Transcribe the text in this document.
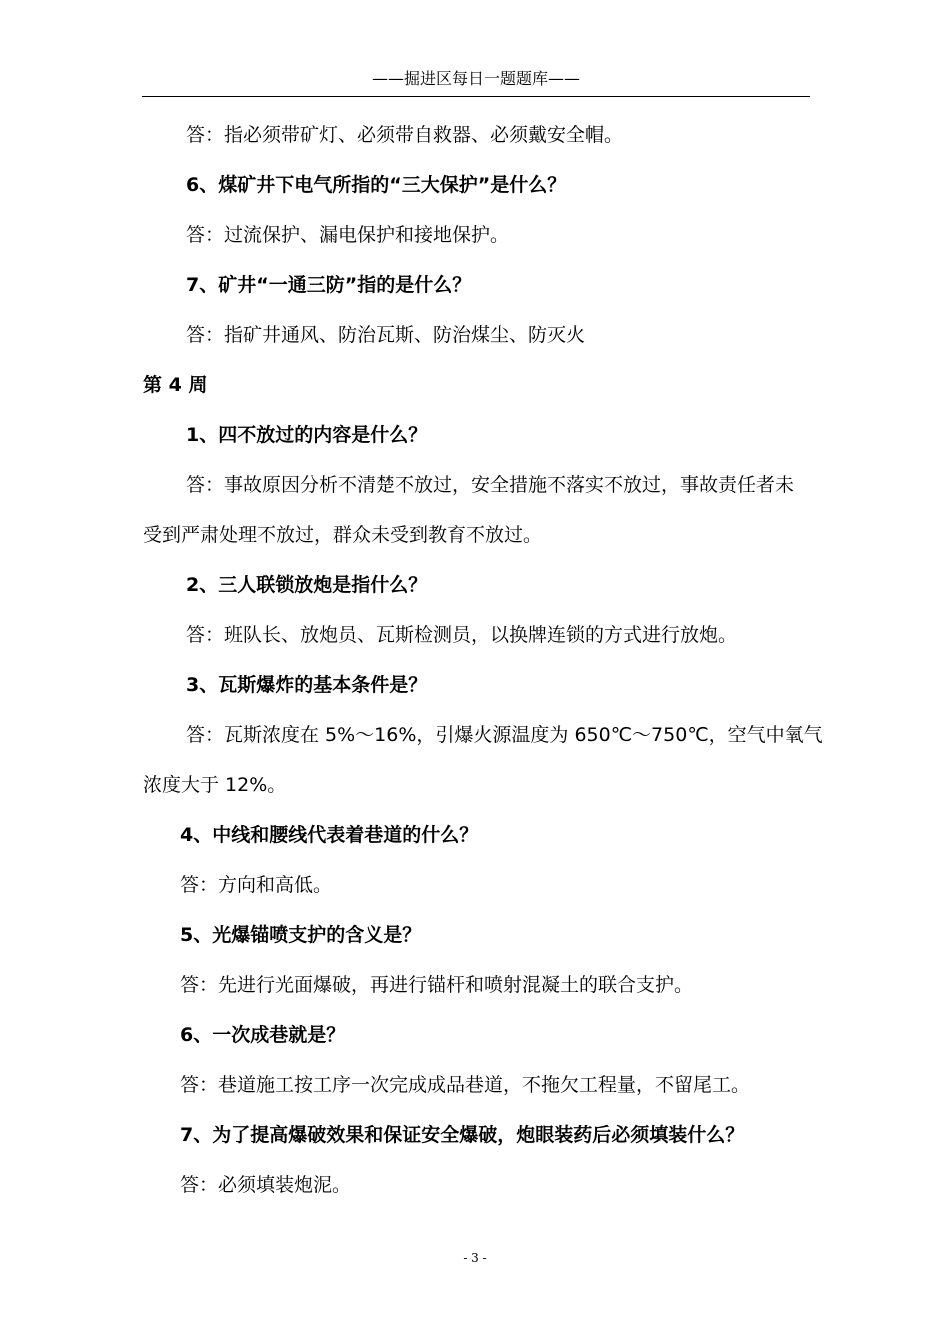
——掘进区每日一题题库——
答：指必须带矿灯、必须带自救器、必须戴安全帽。
6、煤矿井下电气所指的“三大保护”是什么？
答：过流保护、漏电保护和接地保护。
7、矿井“一通三防”指的是什么？
答：指矿井通风、防治瓦斯、防治煤尘、防灭火
第 4 周
1、四不放过的内容是什么？
答：事故原因分析不清楚不放过，安全措施不落实不放过，事故责任者未
受到严肃处理不放过，群众未受到教育不放过。
2、三人联锁放炮是指什么？
答：班队长、放炮员、瓦斯检测员，以换牌连锁的方式进行放炮。
3、瓦斯爆炸的基本条件是？
答：瓦斯浓度在 5%～16%，引爆火源温度为 650℃～750℃，空气中氧气
浓度大于 12%。
4、中线和腰线代表着巷道的什么？
答：方向和高低。
5、光爆锚喷支护的含义是？
答：先进行光面爆破，再进行锚杆和喷射混凝土的联合支护。
6、一次成巷就是？
答：巷道施工按工序一次完成成品巷道，不拖欠工程量，不留尾工。
7、为了提高爆破效果和保证安全爆破，炮眼装药后必须填装什么？
答：必须填装炮泥。
- 3 -
